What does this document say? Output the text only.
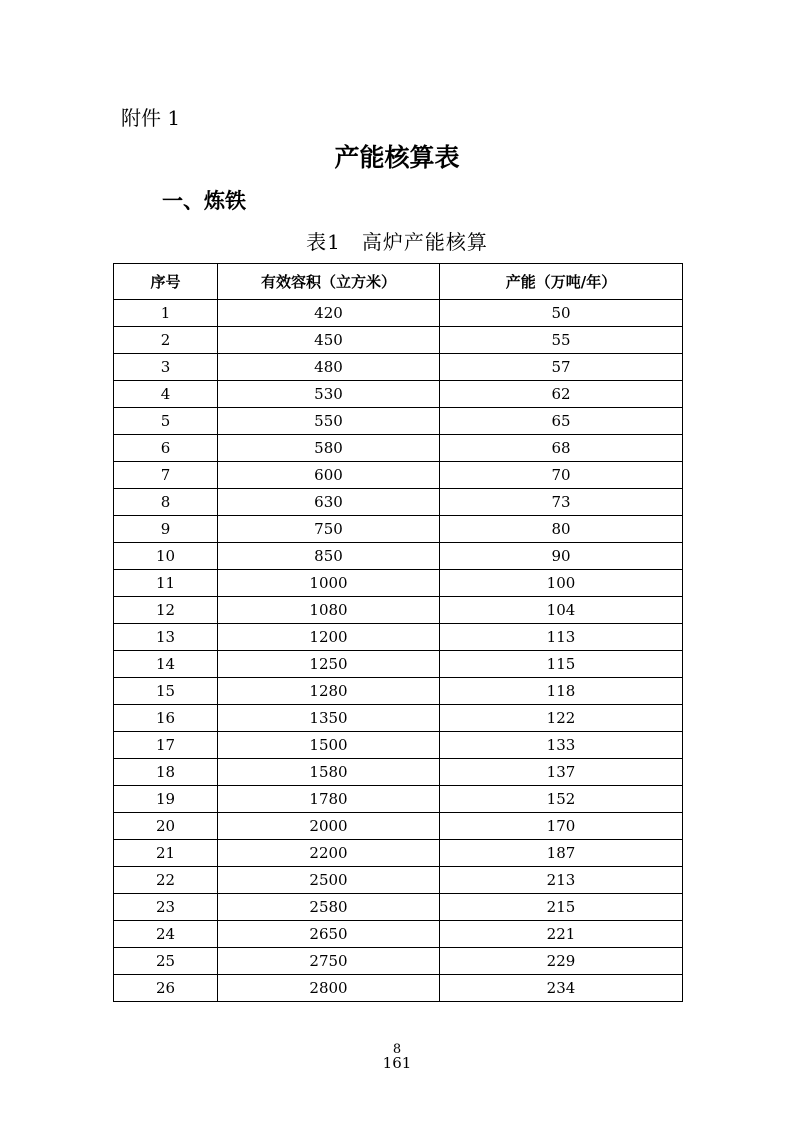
附件 1
产能核算表
一、炼铁
表1　高炉产能核算
序号	有效容积（立方米）	产能（万吨/年）
1	420	50
2	450	55
3	480	57
4	530	62
5	550	65
6	580	68
7	600	70
8	630	73
9	750	80
10	850	90
11	1000	100
12	1080	104
13	1200	113
14	1250	115
15	1280	118
16	1350	122
17	1500	133
18	1580	137
19	1780	152
20	2000	170
21	2200	187
22	2500	213
23	2580	215
24	2650	221
25	2750	229
26	2800	234
8
161
